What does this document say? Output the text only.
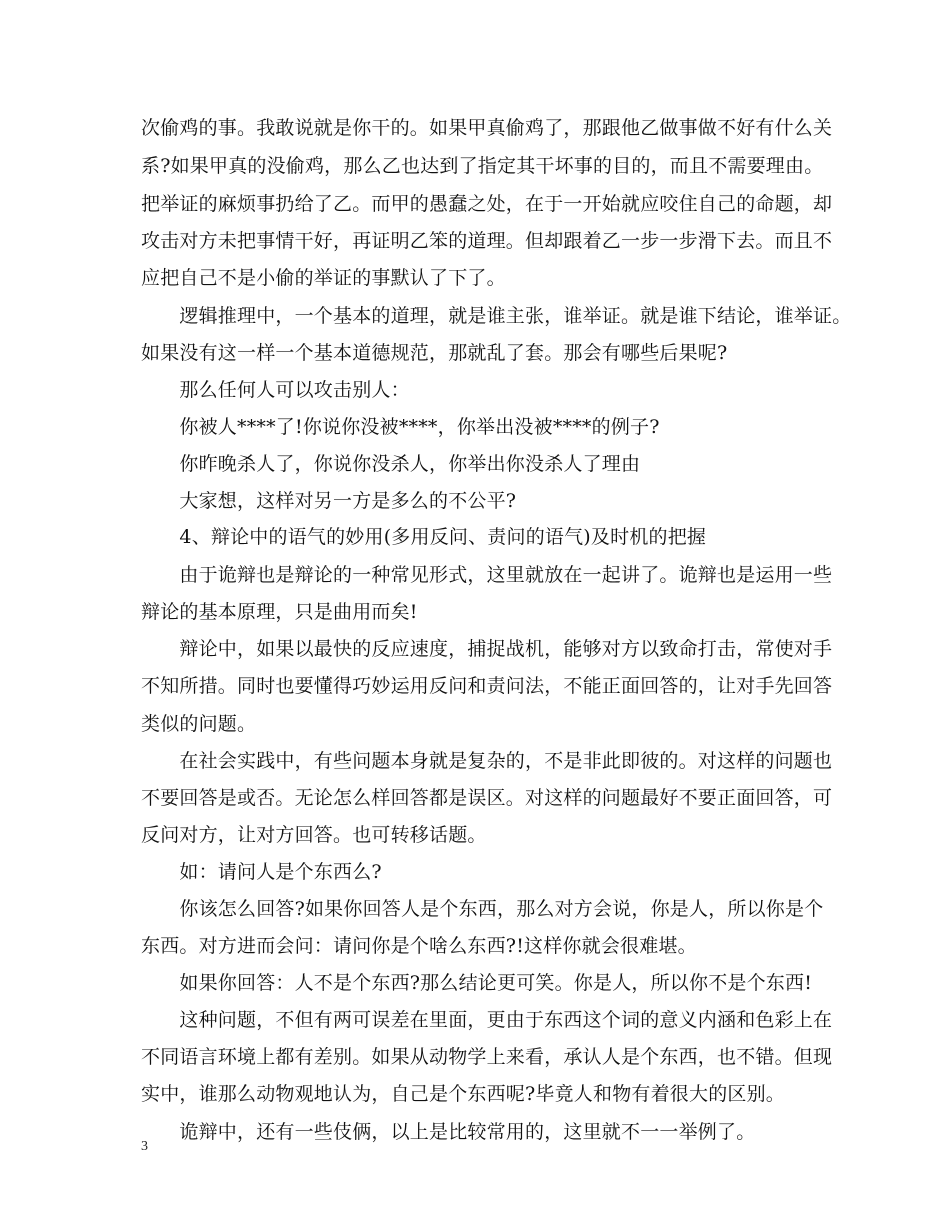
次偷鸡的事。我敢说就是你干的。如果甲真偷鸡了，那跟他乙做事做不好有什么关
系?如果甲真的没偷鸡，那么乙也达到了指定其干坏事的目的，而且不需要理由。
把举证的麻烦事扔给了乙。而甲的愚蠢之处，在于一开始就应咬住自己的命题，却
攻击对方未把事情干好，再证明乙笨的道理。但却跟着乙一步一步滑下去。而且不
应把自己不是小偷的举证的事默认了下了。
　　逻辑推理中，一个基本的道理，就是谁主张，谁举证。就是谁下结论，谁举证。
如果没有这一样一个基本道德规范，那就乱了套。那会有哪些后果呢?
　　那么任何人可以攻击别人：
　　你被人****了!你说你没被****，你举出没被****的例子?
　　你昨晚杀人了，你说你没杀人，你举出你没杀人了理由
　　大家想，这样对另一方是多么的不公平?
　　4、辩论中的语气的妙用(多用反问、责问的语气)及时机的把握
　　由于诡辩也是辩论的一种常见形式，这里就放在一起讲了。诡辩也是运用一些
辩论的基本原理，只是曲用而矣!
　　辩论中，如果以最快的反应速度，捕捉战机，能够对方以致命打击，常使对手
不知所措。同时也要懂得巧妙运用反问和责问法，不能正面回答的，让对手先回答
类似的问题。
　　在社会实践中，有些问题本身就是复杂的，不是非此即彼的。对这样的问题也
不要回答是或否。无论怎么样回答都是误区。对这样的问题最好不要正面回答，可
反问对方，让对方回答。也可转移话题。
　　如：请问人是个东西么?
　　你该怎么回答?如果你回答人是个东西，那么对方会说，你是人，所以你是个
东西。对方进而会问：请问你是个啥么东西?!这样你就会很难堪。
　　如果你回答：人不是个东西?那么结论更可笑。你是人，所以你不是个东西!
　　这种问题，不但有两可误差在里面，更由于东西这个词的意义内涵和色彩上在
不同语言环境上都有差别。如果从动物学上来看，承认人是个东西，也不错。但现
实中，谁那么动物观地认为，自己是个东西呢?毕竟人和物有着很大的区别。
　　诡辩中，还有一些伎俩，以上是比较常用的，这里就不一一举例了。
3
